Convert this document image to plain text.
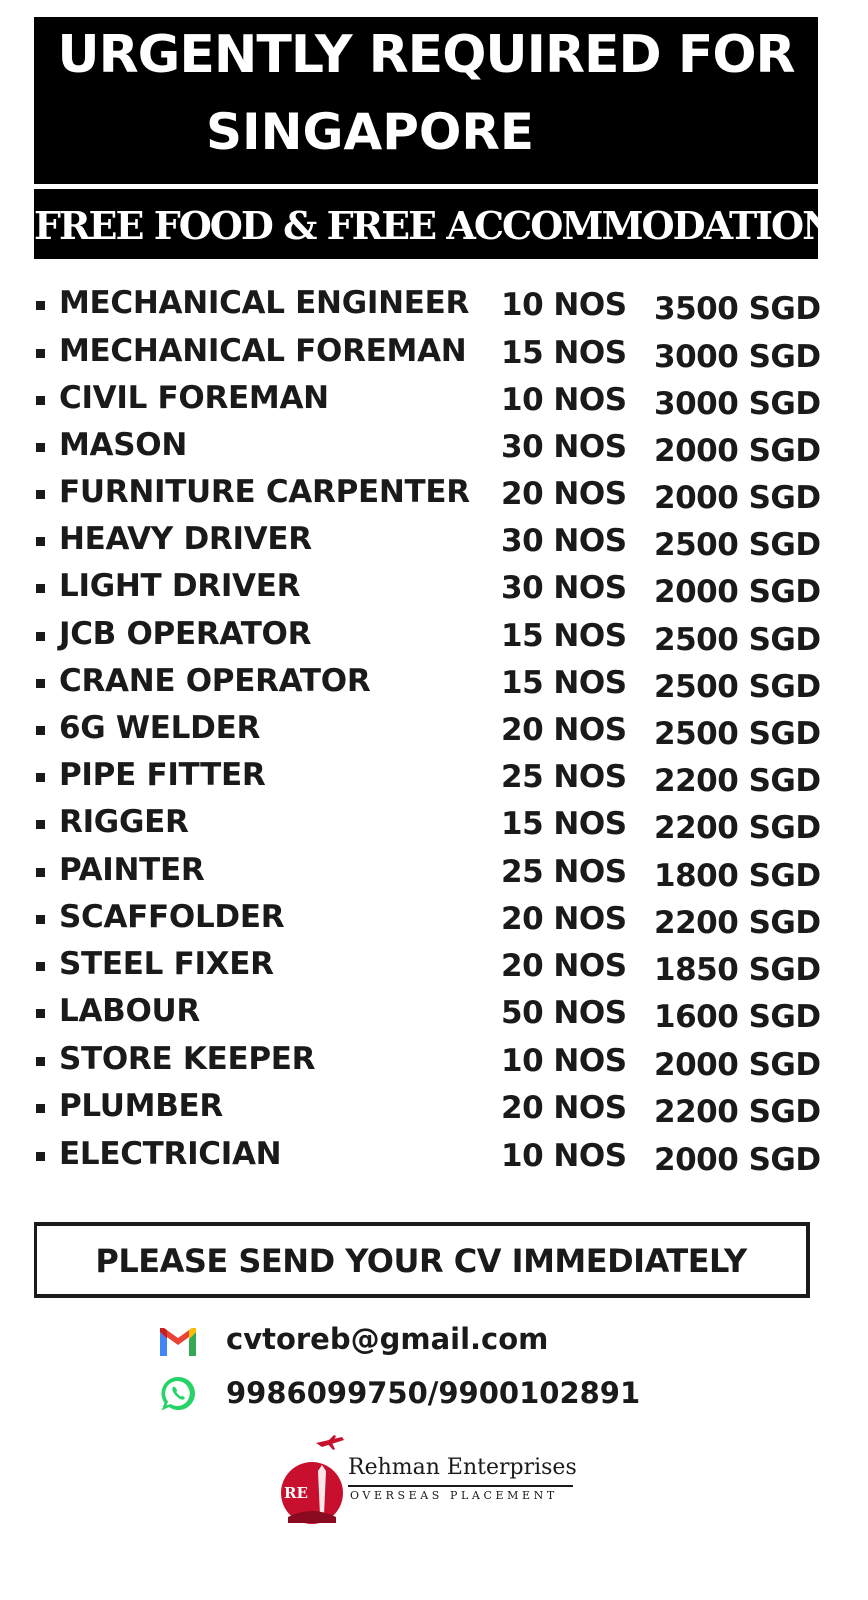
URGENTLY REQUIRED FOR
SINGAPORE
FREE FOOD & FREE ACCOMMODATION
MECHANICAL ENGINEER 10 NOS 3500 SGD
MECHANICAL FOREMAN 15 NOS 3000 SGD
CIVIL FOREMAN	10 NOS 3000 SGD
MASON	30 NOS 2000 SGD
FURNITURE CARPENTER 20 NOS 2000 SGD
HEAVY DRIVER	30 NOS 2500 SGD
LIGHT DRIVER	30 NOS 2000 SGD
JCB OPERATOR	15 NOS 2500 SGD
CRANE OPERATOR	15 NOS 2500 SGD
6G WELDER	20 NOS 2500 SGD
PIPE FITTER	25 NOS 2200 SGD
RIGGER	15 NOS 2200 SGD
PAINTER	25 NOS 1800 SGD
SCAFFOLDER	20 NOS 2200 SGD
STEEL FIXER	20 NOS 1850 SGD
LABOUR	50 NOS 1600 SGD
STORE KEEPER	10 NOS 2000 SGD
PLUMBER	20 NOS 2200 SGD
ELECTRICIAN	10 NOS 2000 SGD
PLEASE SEND YOUR CV IMMEDIATELY
cvtoreb@gmail.com
9986099750/9900102891
RE
Rehman Enterprises
OVERSEAS PLACEMENT
